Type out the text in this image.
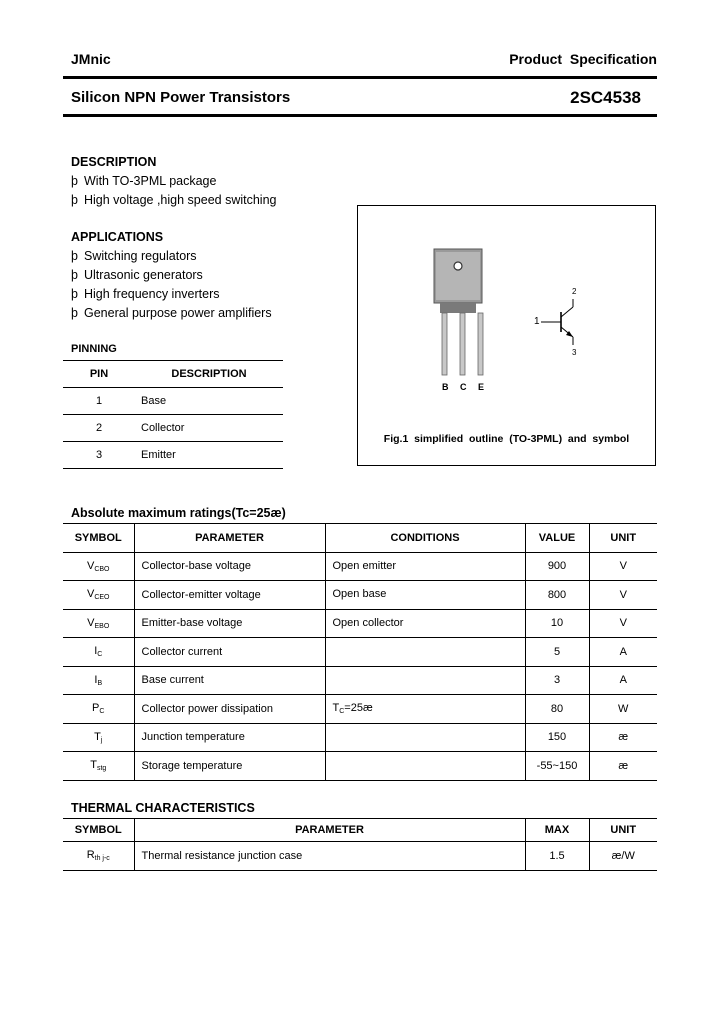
JMnic	Product  Specification
Silicon NPN Power Transistors	2SC4538
DESCRIPTION
þ With TO-3PML package
þ High voltage ,high speed switching
APPLICATIONS
þ Switching regulators
þ Ultrasonic generators
þ High frequency inverters
þ General purpose power amplifiers
PINNING
PIN	DESCRIPTION
1	Base
2	Collector
3	Emitter
B C E
1
2
3
Fig.1  simplified  outline  (TO-3PML)  and  symbol
Absolute maximum ratings(Tc=25æ)
SYMBOL	PARAMETER	CONDITIONS	VALUE	UNIT
$V_{CBO}$	Collector-base voltage	Open emitter	900	V
$V_{CEO}$	Collector-emitter voltage	Open base	800	V
$V_{EBO}$	Emitter-base voltage	Open collector	10	V
$I_C$	Collector current		5	A
$I_B$	Base current		3	A
$P_C$	Collector power dissipation	$T_C=25æ$	80	W
$T_j$	Junction temperature		150	æ
$T_{stg}$	Storage temperature		-55~150	æ
THERMAL CHARACTERISTICS
SYMBOL	PARAMETER	MAX	UNIT
$R_{th j-c}$	Thermal resistance junction case	1.5	æ/W
